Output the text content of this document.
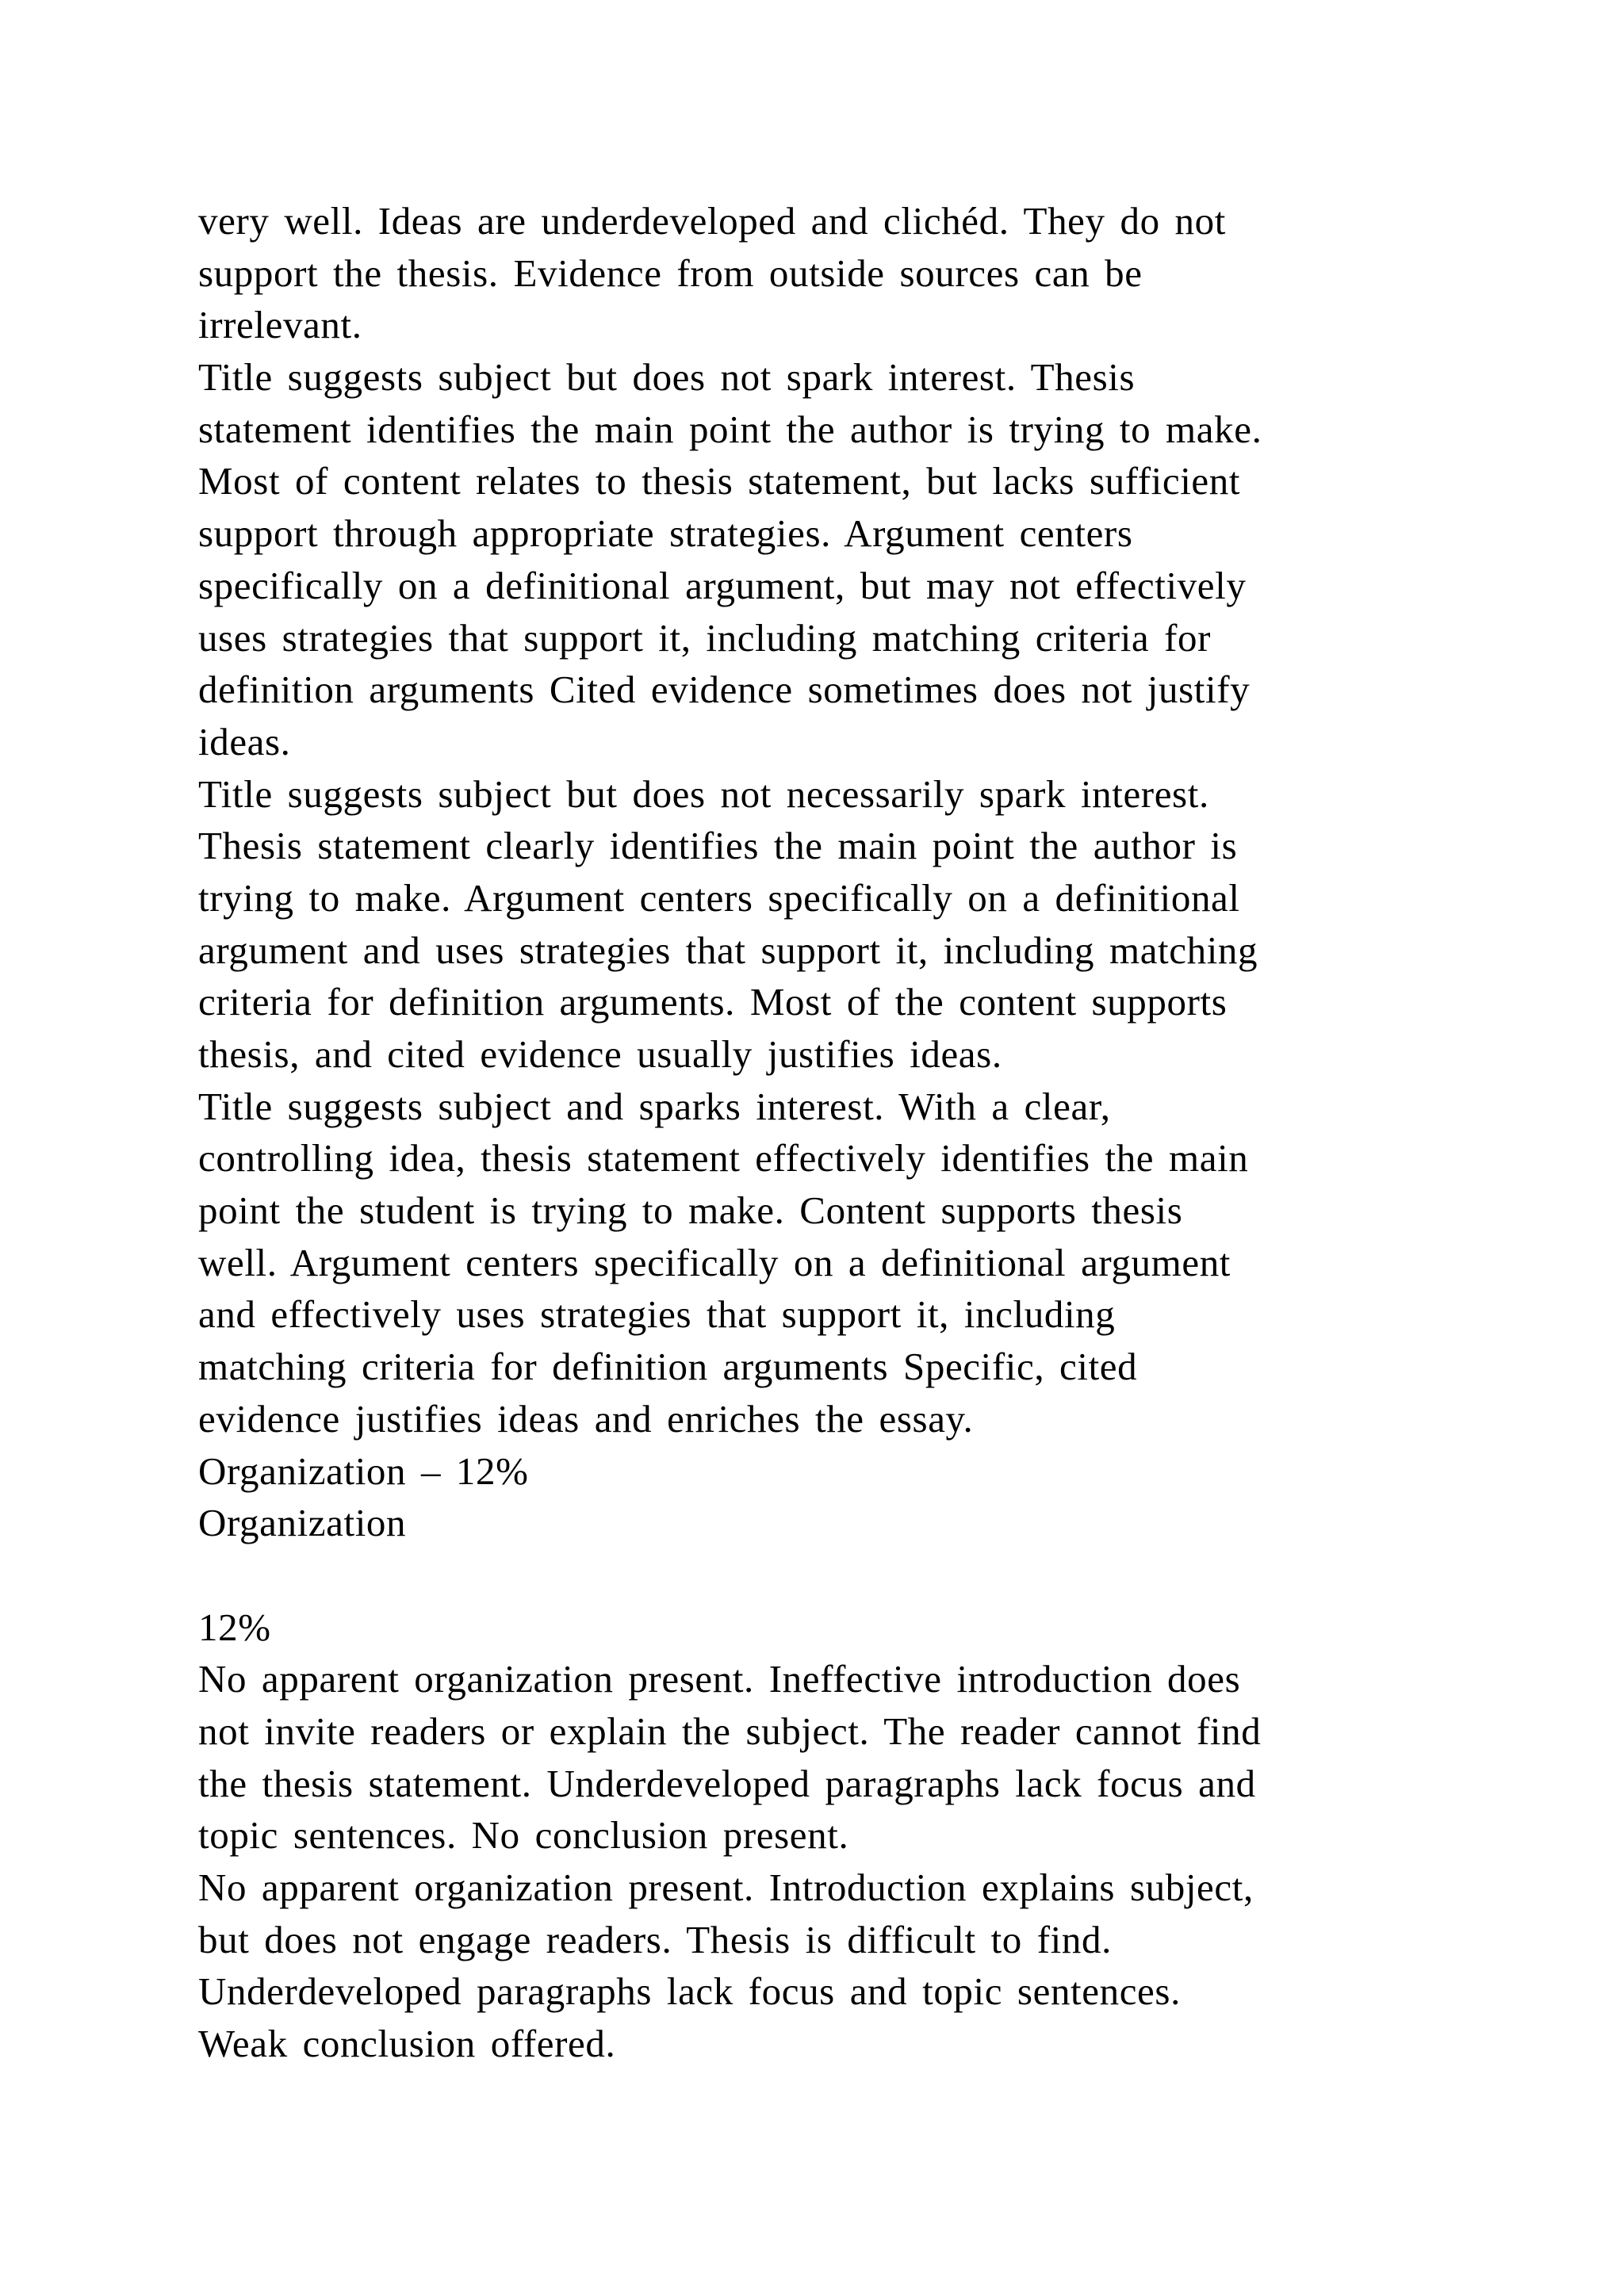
very well. Ideas are underdeveloped and clichéd. They do not
support the thesis. Evidence from outside sources can be
irrelevant.
Title suggests subject but does not spark interest. Thesis
statement identifies the main point the author is trying to make.
Most of content relates to thesis statement, but lacks sufficient
support through appropriate strategies. Argument centers
specifically on a definitional argument, but may not effectively
uses strategies that support it, including matching criteria for
definition arguments Cited evidence sometimes does not justify
ideas.
Title suggests subject but does not necessarily spark interest.
Thesis statement clearly identifies the main point the author is
trying to make. Argument centers specifically on a definitional
argument and uses strategies that support it, including matching
criteria for definition arguments. Most of the content supports
thesis, and cited evidence usually justifies ideas.
Title suggests subject and sparks interest. With a clear,
controlling idea, thesis statement effectively identifies the main
point the student is trying to make. Content supports thesis
well. Argument centers specifically on a definitional argument
and effectively uses strategies that support it, including
matching criteria for definition arguments Specific, cited
evidence justifies ideas and enriches the essay.
Organization – 12%
Organization
12%
No apparent organization present. Ineffective introduction does
not invite readers or explain the subject. The reader cannot find
the thesis statement. Underdeveloped paragraphs lack focus and
topic sentences. No conclusion present.
No apparent organization present. Introduction explains subject,
but does not engage readers. Thesis is difficult to find.
Underdeveloped paragraphs lack focus and topic sentences.
Weak conclusion offered.
